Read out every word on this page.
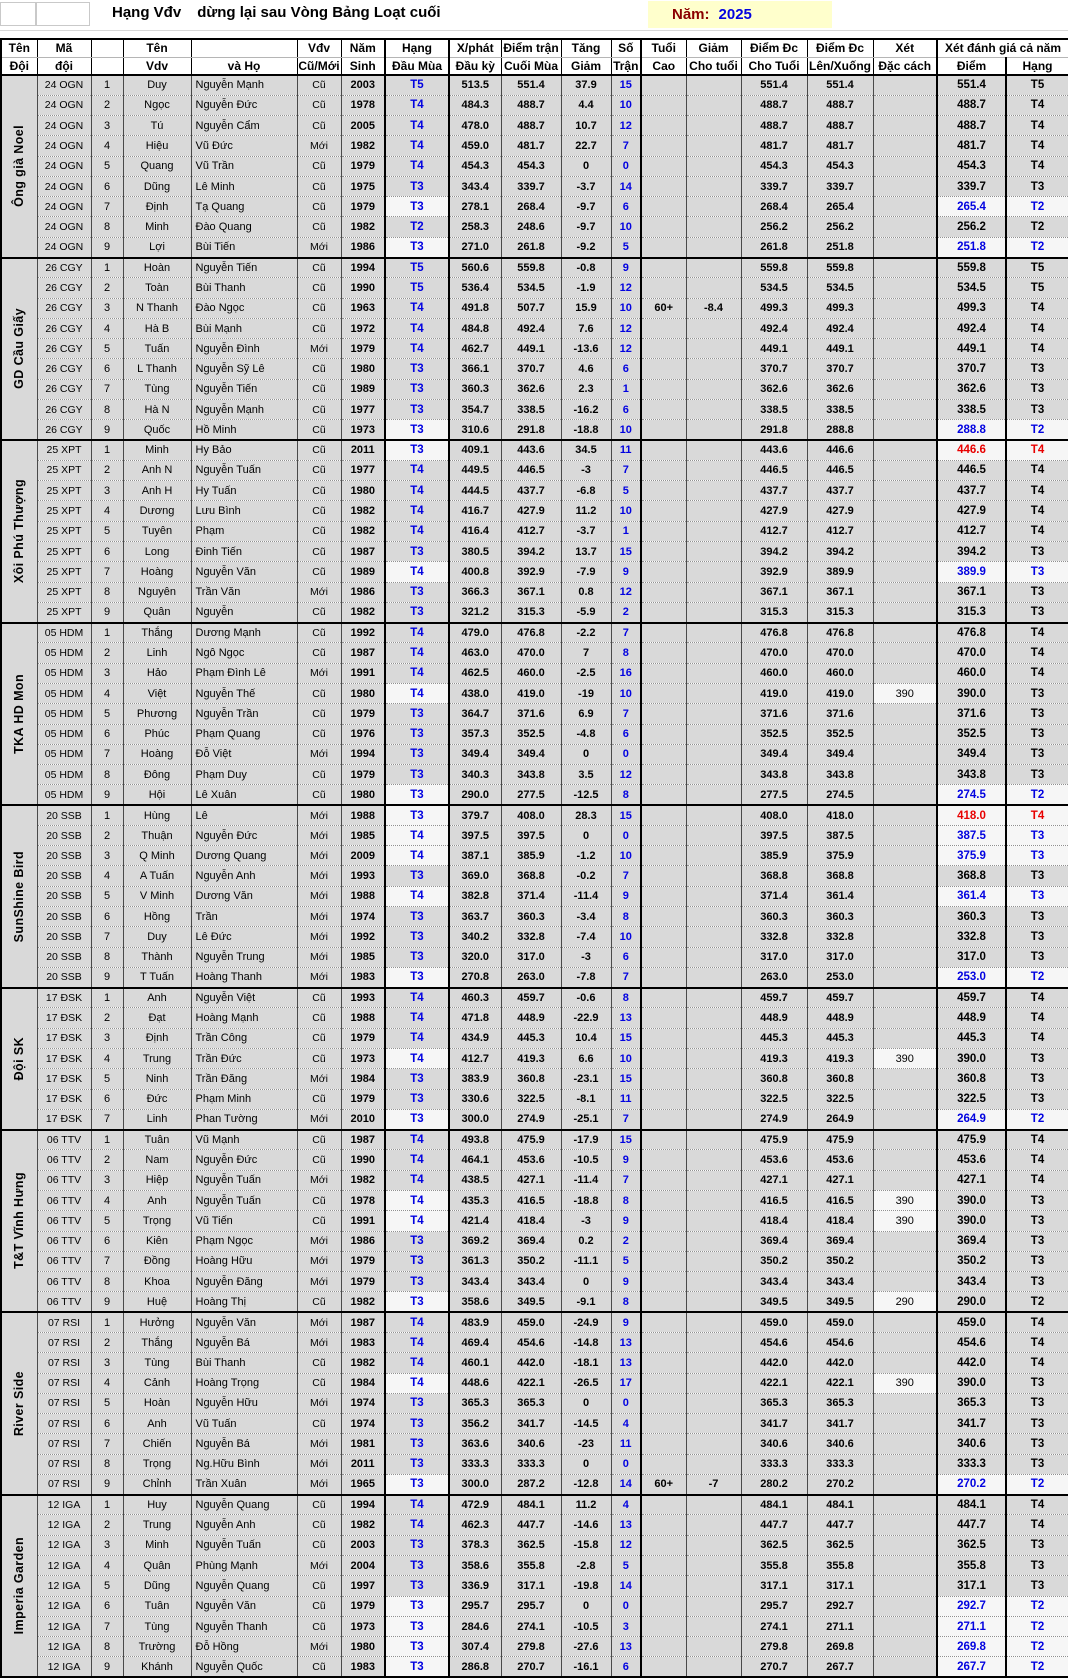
Hạng Vđv dừng lại sau Vòng Bảng Loạt cuối	Năm: 2025
Tên	Mã		Tên		Vđv	Năm	Hạng	X/phát	Điểm trận	Tăng	Số	Tuổi	Giảm	Điểm Đc	Điểm Đc	Xét	Xét đánh giá cả năm	
Đội	đội		Vdv	và Họ	Cũ/Mới	Sinh	Đầu Mùa	Đầu kỳ	Cuối Mùa	Giảm	Trận	Cao	Cho tuổi	Cho Tuổi	Lên/Xuống	Đặc cách	Điểm	Hạng

Ông già Noel	24 OGN	1	Duy	Nguyễn Mạnh	Cũ	2003	T5	513.5	551.4	37.9	15			551.4	551.4		551.4	T5
	24 OGN	2	Ngọc	Nguyễn Đức	Cũ	1978	T4	484.3	488.7	4.4	10			488.7	488.7		488.7	T4
	24 OGN	3	Tú	Nguyễn Cẩm	Cũ	2005	T4	478.0	488.7	10.7	12			488.7	488.7		488.7	T4
	24 OGN	4	Hiệu	Vũ Đức	Mới	1982	T4	459.0	481.7	22.7	7			481.7	481.7		481.7	T4
	24 OGN	5	Quang	Vũ Trần	Cũ	1979	T4	454.3	454.3	0	0			454.3	454.3		454.3	T4
	24 OGN	6	Dũng	Lê Minh	Cũ	1975	T3	343.4	339.7	-3.7	14			339.7	339.7		339.7	T3
	24 OGN	7	Định	Tạ Quang	Cũ	1979	T3	278.1	268.4	-9.7	6			268.4	265.4		265.4	T2
	24 OGN	8	Minh	Đào Quang	Cũ	1982	T2	258.3	248.6	-9.7	10			256.2	256.2		256.2	T2
	24 OGN	9	Lợi	Bùi Tiến	Mới	1986	T3	271.0	261.8	-9.2	5			261.8	251.8		251.8	T2

GD Cầu Giấy	26 CGY	1	Hoàn	Nguyễn Tiến	Cũ	1994	T5	560.6	559.8	-0.8	9			559.8	559.8		559.8	T5
	26 CGY	2	Toàn	Bùi Thanh	Cũ	1990	T5	536.4	534.5	-1.9	12			534.5	534.5		534.5	T5
	26 CGY	3	N Thanh	Đào Ngọc	Cũ	1963	T4	491.8	507.7	15.9	10	60+	-8.4	499.3	499.3		499.3	T4
	26 CGY	4	Hà B	Bùi Mạnh	Cũ	1972	T4	484.8	492.4	7.6	12			492.4	492.4		492.4	T4
	26 CGY	5	Tuấn	Nguyễn Đình	Mới	1979	T4	462.7	449.1	-13.6	12			449.1	449.1		449.1	T4
	26 CGY	6	L Thanh	Nguyễn Sỹ Lê	Cũ	1980	T3	366.1	370.7	4.6	6			370.7	370.7		370.7	T3
	26 CGY	7	Tùng	Nguyễn Tiến	Cũ	1989	T3	360.3	362.6	2.3	1			362.6	362.6		362.6	T3
	26 CGY	8	Hà N	Nguyễn Mạnh	Cũ	1977	T3	354.7	338.5	-16.2	6			338.5	338.5		338.5	T3
	26 CGY	9	Quốc	Hồ Minh	Cũ	1973	T3	310.6	291.8	-18.8	10			291.8	288.8		288.8	T2

Xôi Phú Thượng	25 XPT	1	Minh	Hy Bảo	Cũ	2011	T3	409.1	443.6	34.5	11			443.6	446.6		446.6	T4
	25 XPT	2	Anh N	Nguyễn Tuấn	Cũ	1977	T4	449.5	446.5	-3	7			446.5	446.5		446.5	T4
	25 XPT	3	Anh H	Hy Tuấn	Cũ	1980	T4	444.5	437.7	-6.8	5			437.7	437.7		437.7	T4
	25 XPT	4	Dương	Lưu Bình	Cũ	1982	T4	416.7	427.9	11.2	10			427.9	427.9		427.9	T4
	25 XPT	5	Tuyên	Phạm	Cũ	1982	T4	416.4	412.7	-3.7	1			412.7	412.7		412.7	T4
	25 XPT	6	Long	Đinh Tiến	Cũ	1987	T3	380.5	394.2	13.7	15			394.2	394.2		394.2	T3
	25 XPT	7	Hoàng	Nguyễn Văn	Cũ	1989	T4	400.8	392.9	-7.9	9			392.9	389.9		389.9	T3
	25 XPT	8	Nguyên	Trần Văn	Mới	1986	T3	366.3	367.1	0.8	12			367.1	367.1		367.1	T3
	25 XPT	9	Quân	Nguyễn	Cũ	1982	T3	321.2	315.3	-5.9	2			315.3	315.3		315.3	T3

TKA HD Mon	05 HDM	1	Thắng	Dương Mạnh	Cũ	1992	T4	479.0	476.8	-2.2	7			476.8	476.8		476.8	T4
	05 HDM	2	Linh	Ngô Ngọc	Cũ	1987	T4	463.0	470.0	7	8			470.0	470.0		470.0	T4
	05 HDM	3	Hảo	Phạm Đình Lê	Mới	1991	T4	462.5	460.0	-2.5	16			460.0	460.0		460.0	T4
	05 HDM	4	Việt	Nguyễn Thế	Cũ	1980	T4	438.0	419.0	-19	10			419.0	419.0	390	390.0	T3
	05 HDM	5	Phương	Nguyễn Trần	Cũ	1979	T3	364.7	371.6	6.9	7			371.6	371.6		371.6	T3
	05 HDM	6	Phúc	Phạm Quang	Cũ	1976	T3	357.3	352.5	-4.8	6			352.5	352.5		352.5	T3
	05 HDM	7	Hoàng	Đỗ Việt	Mới	1994	T3	349.4	349.4	0	0			349.4	349.4		349.4	T3
	05 HDM	8	Đông	Phạm Duy	Cũ	1979	T3	340.3	343.8	3.5	12			343.8	343.8		343.8	T3
	05 HDM	9	Hội	Lê Xuân	Cũ	1980	T3	290.0	277.5	-12.5	8			277.5	274.5		274.5	T2

SunShine Bird	20 SSB	1	Hùng	Lê	Mới	1988	T3	379.7	408.0	28.3	15			408.0	418.0		418.0	T4
	20 SSB	2	Thuận	Nguyễn Đức	Mới	1985	T4	397.5	397.5	0	0			397.5	387.5		387.5	T3
	20 SSB	3	Q Minh	Dương Quang	Mới	2009	T4	387.1	385.9	-1.2	10			385.9	375.9		375.9	T3
	20 SSB	4	A Tuấn	Nguyễn Anh	Mới	1993	T3	369.0	368.8	-0.2	7			368.8	368.8		368.8	T3
	20 SSB	5	V Minh	Dương Văn	Mới	1988	T4	382.8	371.4	-11.4	9			371.4	361.4		361.4	T3
	20 SSB	6	Hồng	Trần	Mới	1974	T3	363.7	360.3	-3.4	8			360.3	360.3		360.3	T3
	20 SSB	7	Duy	Lê Đức	Mới	1992	T3	340.2	332.8	-7.4	10			332.8	332.8		332.8	T3
	20 SSB	8	Thành	Nguyễn Trung	Mới	1985	T3	320.0	317.0	-3	6			317.0	317.0		317.0	T3
	20 SSB	9	T Tuấn	Hoàng Thanh	Mới	1983	T3	270.8	263.0	-7.8	7			263.0	253.0		253.0	T2

Đội SK	17 ĐSK	1	Anh	Nguyễn Việt	Cũ	1993	T4	460.3	459.7	-0.6	8			459.7	459.7		459.7	T4
	17 ĐSK	2	Đạt	Hoàng Mạnh	Cũ	1988	T4	471.8	448.9	-22.9	13			448.9	448.9		448.9	T4
	17 ĐSK	3	Định	Trần Công	Cũ	1979	T4	434.9	445.3	10.4	15			445.3	445.3		445.3	T4
	17 ĐSK	4	Trung	Trần Đức	Cũ	1973	T4	412.7	419.3	6.6	10			419.3	419.3	390	390.0	T3
	17 ĐSK	5	Ninh	Trần Đăng	Mới	1984	T3	383.9	360.8	-23.1	15			360.8	360.8		360.8	T3
	17 ĐSK	6	Đức	Phạm Minh	Cũ	1979	T3	330.6	322.5	-8.1	11			322.5	322.5		322.5	T3
	17 ĐSK	7	Linh	Phan Tường	Mới	2010	T3	300.0	274.9	-25.1	7			274.9	264.9		264.9	T2

T&T Vĩnh Hưng	06 TTV	1	Tuân	Vũ Mạnh	Cũ	1987	T4	493.8	475.9	-17.9	15			475.9	475.9		475.9	T4
	06 TTV	2	Nam	Nguyễn Đức	Cũ	1990	T4	464.1	453.6	-10.5	9			453.6	453.6		453.6	T4
	06 TTV	3	Hiệp	Nguyễn Tuấn	Mới	1982	T4	438.5	427.1	-11.4	7			427.1	427.1		427.1	T4
	06 TTV	4	Anh	Nguyễn Tuấn	Cũ	1978	T4	435.3	416.5	-18.8	8			416.5	416.5	390	390.0	T3
	06 TTV	5	Trọng	Vũ Tiến	Cũ	1991	T4	421.4	418.4	-3	9			418.4	418.4	390	390.0	T3
	06 TTV	6	Kiên	Phạm Ngọc	Mới	1986	T3	369.2	369.4	0.2	2			369.4	369.4		369.4	T3
	06 TTV	7	Đồng	Hoàng Hữu	Mới	1979	T3	361.3	350.2	-11.1	5			350.2	350.2		350.2	T3
	06 TTV	8	Khoa	Nguyễn Đăng	Mới	1979	T3	343.4	343.4	0	9			343.4	343.4		343.4	T3
	06 TTV	9	Huệ	Hoàng Thị	Cũ	1982	T3	358.6	349.5	-9.1	8			349.5	349.5	290	290.0	T2

River Side	07 RSI	1	Hưởng	Nguyễn Văn	Mới	1987	T4	483.9	459.0	-24.9	9			459.0	459.0		459.0	T4
	07 RSI	2	Thắng	Nguyễn Bá	Mới	1983	T4	469.4	454.6	-14.8	13			454.6	454.6		454.6	T4
	07 RSI	3	Tùng	Bùi Thanh	Cũ	1982	T4	460.1	442.0	-18.1	13			442.0	442.0		442.0	T4
	07 RSI	4	Cảnh	Hoàng Trọng	Cũ	1984	T4	448.6	422.1	-26.5	17			422.1	422.1	390	390.0	T3
	07 RSI	5	Hoàn	Nguyễn Hữu	Mới	1974	T3	365.3	365.3	0	0			365.3	365.3		365.3	T3
	07 RSI	6	Anh	Vũ Tuấn	Cũ	1974	T3	356.2	341.7	-14.5	4			341.7	341.7		341.7	T3
	07 RSI	7	Chiến	Nguyễn Bá	Mới	1981	T3	363.6	340.6	-23	11			340.6	340.6		340.6	T3
	07 RSI	8	Trọng	Ng.Hữu Bình	Mới	2011	T3	333.3	333.3	0	0			333.3	333.3		333.3	T3
	07 RSI	9	Chỉnh	Trần Xuân	Mới	1965	T3	300.0	287.2	-12.8	14	60+	-7	280.2	270.2		270.2	T2

Imperia Garden	12 IGA	1	Huy	Nguyễn Quang	Cũ	1994	T4	472.9	484.1	11.2	4			484.1	484.1		484.1	T4
	12 IGA	2	Trung	Nguyễn Anh	Cũ	1982	T4	462.3	447.7	-14.6	13			447.7	447.7		447.7	T4
	12 IGA	3	Minh	Nguyễn Tuấn	Cũ	2003	T3	378.3	362.5	-15.8	12			362.5	362.5		362.5	T3
	12 IGA	4	Quân	Phùng Mạnh	Mới	2004	T3	358.6	355.8	-2.8	5			355.8	355.8		355.8	T3
	12 IGA	5	Dũng	Nguyễn Quang	Cũ	1997	T3	336.9	317.1	-19.8	14			317.1	317.1		317.1	T3
	12 IGA	6	Tuân	Nguyễn Văn	Cũ	1979	T3	295.7	295.7	0	0			295.7	292.7		292.7	T2
	12 IGA	7	Tùng	Nguyễn Thanh	Cũ	1973	T3	284.6	274.1	-10.5	3			274.1	271.1		271.1	T2
	12 IGA	8	Trường	Đỗ Hồng	Mới	1980	T3	307.4	279.8	-27.6	13			279.8	269.8		269.8	T2
	12 IGA	9	Khánh	Nguyễn Quốc	Cũ	1983	T3	286.8	270.7	-16.1	6			270.7	267.7		267.7	T2
